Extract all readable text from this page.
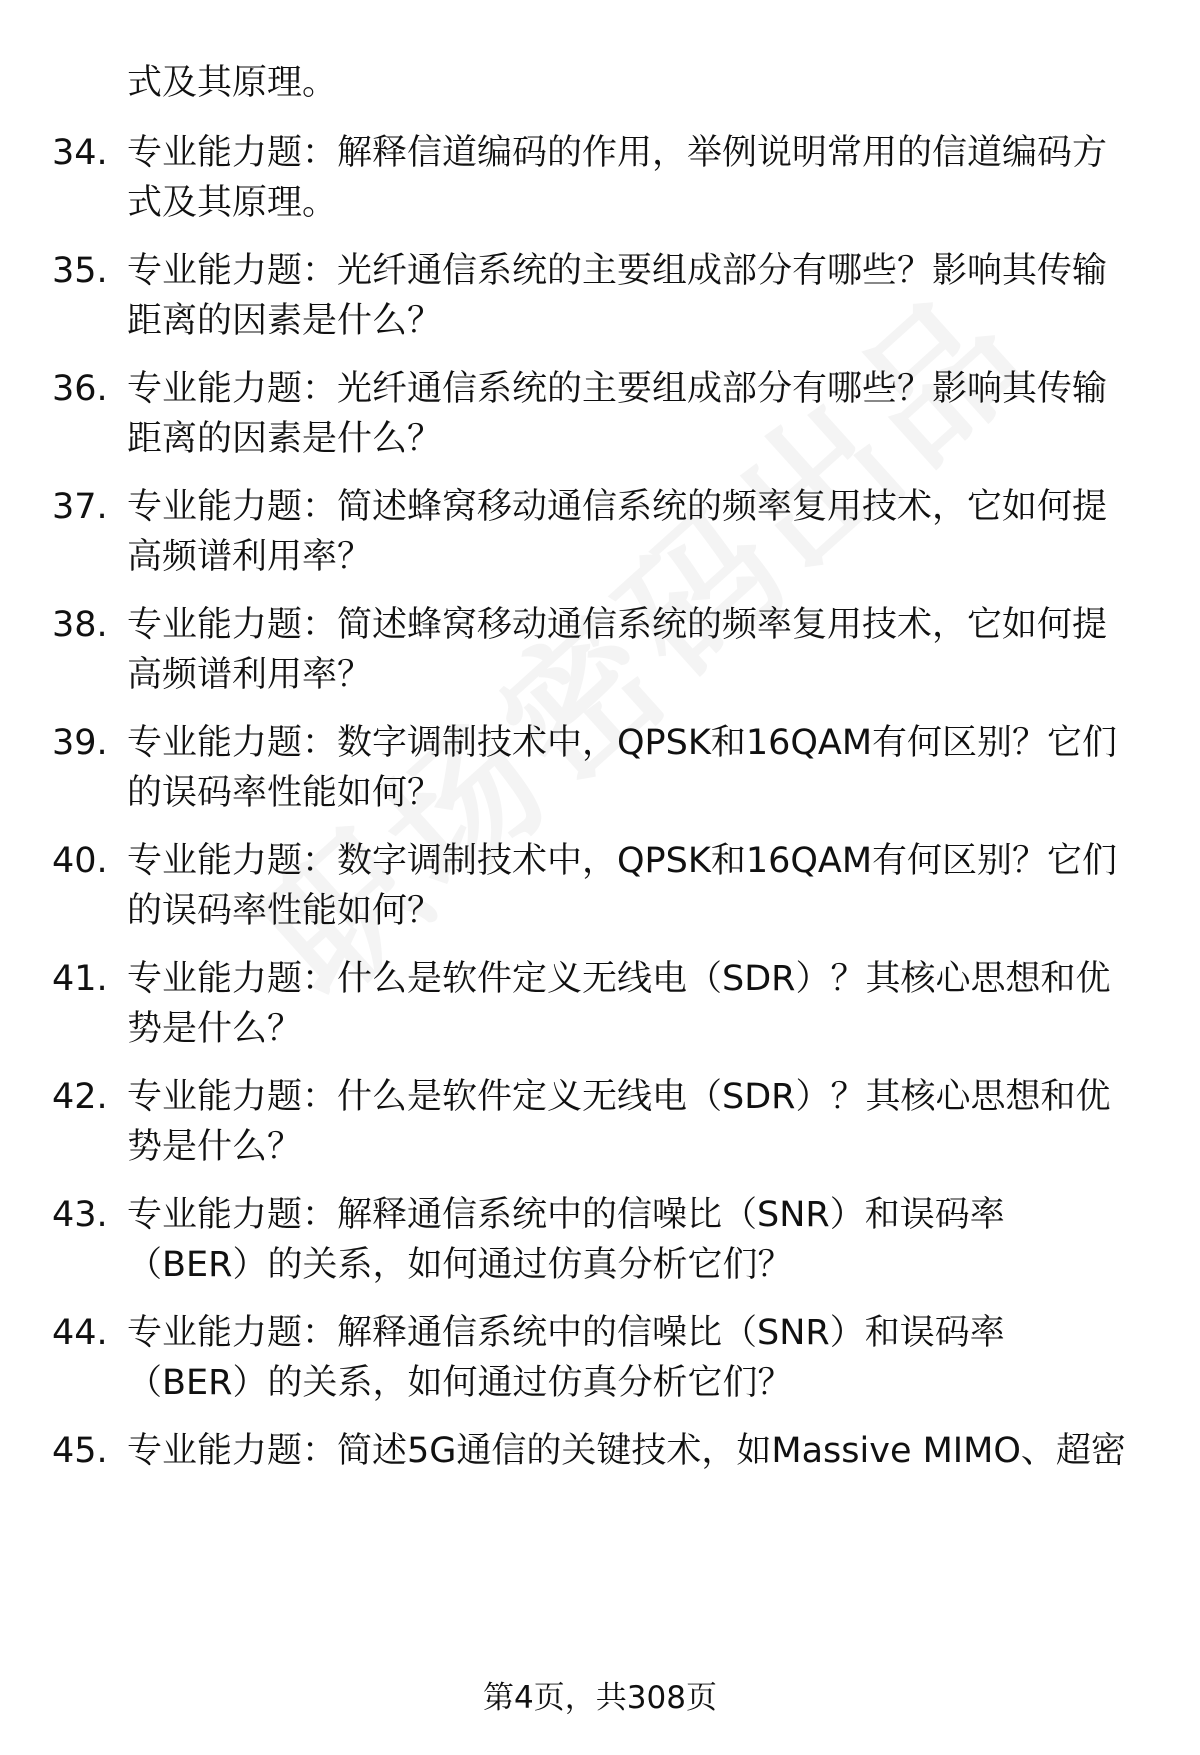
式及其原理。
34. 专业能力题：解释信道编码的作用，举例说明常用的信道编码方
式及其原理。
35. 专业能力题：光纤通信系统的主要组成部分有哪些？影响其传输
距离的因素是什么？
36. 专业能力题：光纤通信系统的主要组成部分有哪些？影响其传输
距离的因素是什么？
37. 专业能力题：简述蜂窝移动通信系统的频率复用技术，它如何提
高频谱利用率？
38. 专业能力题：简述蜂窝移动通信系统的频率复用技术，它如何提
高频谱利用率？
39. 专业能力题：数字调制技术中，QPSK和16QAM有何区别？它们
的误码率性能如何？
40. 专业能力题：数字调制技术中，QPSK和16QAM有何区别？它们
的误码率性能如何？
41. 专业能力题：什么是软件定义无线电（SDR）？其核心思想和优
势是什么？
42. 专业能力题：什么是软件定义无线电（SDR）？其核心思想和优
势是什么？
43. 专业能力题：解释通信系统中的信噪比（SNR）和误码率
（BER）的关系，如何通过仿真分析它们？
44. 专业能力题：解释通信系统中的信噪比（SNR）和误码率
（BER）的关系，如何通过仿真分析它们？
45. 专业能力题：简述5G通信的关键技术，如Massive MIMO、超密
第4页，共308页
